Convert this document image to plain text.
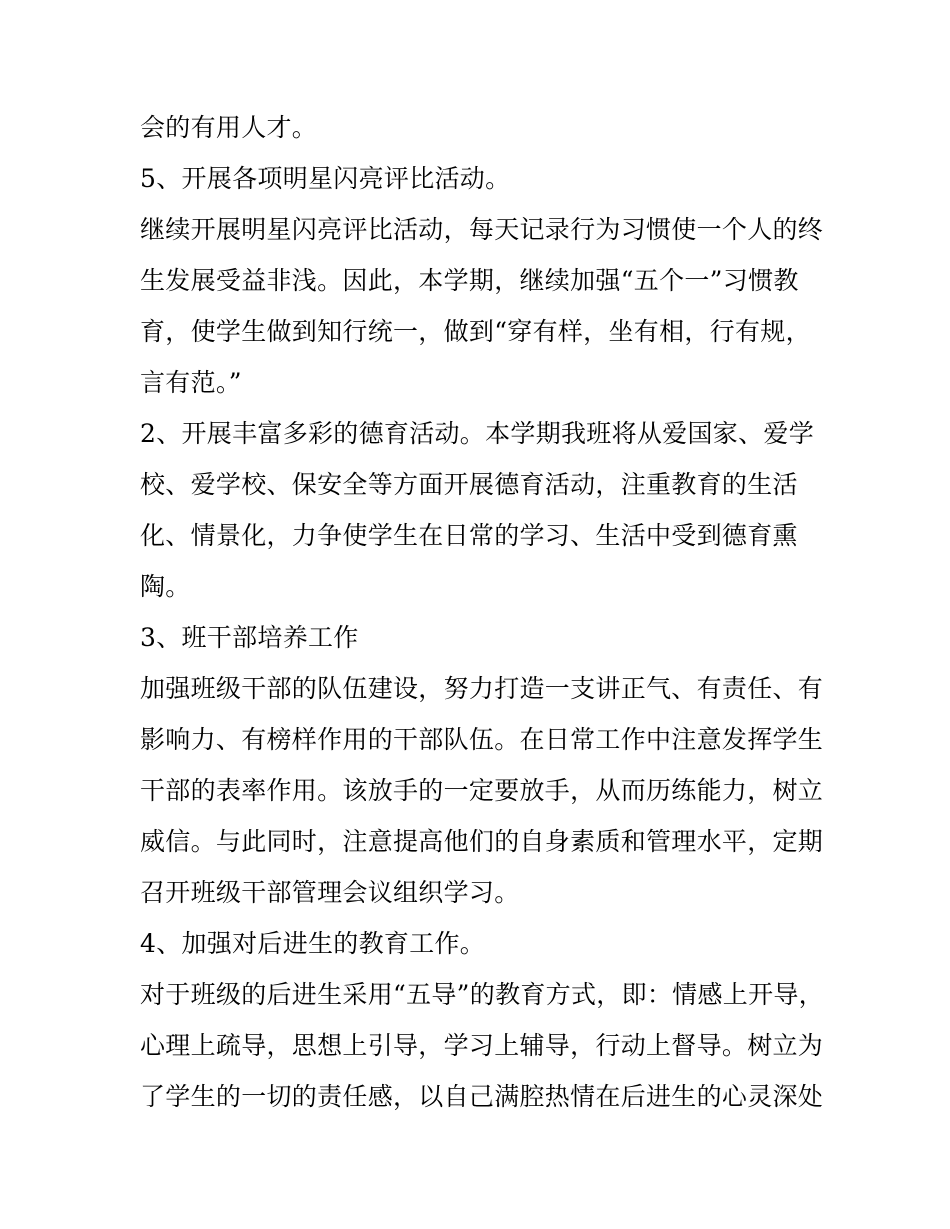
会的有用人才。

5、开展各项明星闪亮评比活动。

继续开展明星闪亮评比活动，每天记录行为习惯使一个人的终

生发展受益非浅。因此，本学期，继续加强“五个一”习惯教

育，使学生做到知行统一，做到“穿有样，坐有相，行有规，

言有范。”

2、开展丰富多彩的德育活动。本学期我班将从爱国家、爱学

校、爱学校、保安全等方面开展德育活动，注重教育的生活

化、情景化，力争使学生在日常的学习、生活中受到德育熏

陶。

3、班干部培养工作

加强班级干部的队伍建设，努力打造一支讲正气、有责任、有

影响力、有榜样作用的干部队伍。在日常工作中注意发挥学生

干部的表率作用。该放手的一定要放手，从而历练能力，树立

威信。与此同时，注意提高他们的自身素质和管理水平，定期

召开班级干部管理会议组织学习。

4、加强对后进生的教育工作。

对于班级的后进生采用“五导”的教育方式，即：情感上开导，

心理上疏导，思想上引导，学习上辅导，行动上督导。树立为

了学生的一切的责任感，以自己满腔热情在后进生的心灵深处
